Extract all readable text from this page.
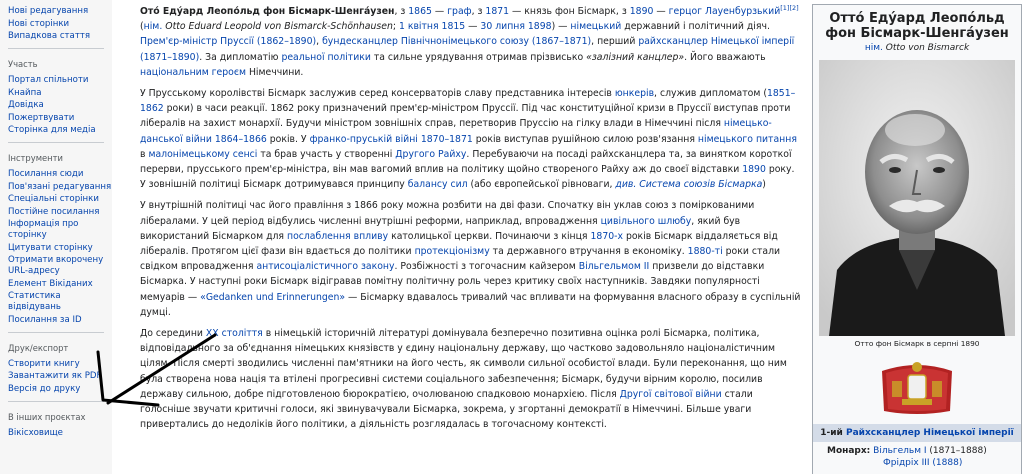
Нові редагування
Нові сторінки
Випадкова стаття
Участь
Портал спільноти
Кнайпа
Довідка
Пожертвувати
Сторінка для медіа
Інструменти
Посилання сюди
Пов'язані редагування
Спеціальні сторінки
Постійне посилання
Інформація про сторінку
Цитувати сторінку
Отримати вкорочену URL-адресу
Елемент Вікіданих
Статистика відвідувань
Посилання за ID
Друк/експорт
Створити книгу
Завантажити як PDF
Версія до друку
В інших проєктах
Вікісховище

Ото́ Еду́ард Леопо́льд фон Бісмарк-Шенга́узен, з 1865 — граф, з 1871 — князь фон Бісмарк, з 1890 — герцог Лауенбурзький[1][2] (нім. Otto Eduard Leopold von Bismarck-Schönhausen; 1 квітня 1815 — 30 липня 1898) — німецький державний і політичний діяч. Прем'єр-міністр Пруссії (1862–1890), бундесканцлер Північнонімецького союзу (1867–1871), перший райхсканцлер Німецької імперії (1871–1890). За дипломатію реальної політики та сильне урядування отримав прізвисько «залізний канцлер». Його вважають національним героєм Німеччини.

У Прусському королівстві Бісмарк заслужив серед консерваторів славу представника інтересів юнкерів, служив дипломатом (1851–1862 роки) в часи реакції. 1862 року призначений прем'єр-міністром Пруссії. Під час конституційної кризи в Пруссії виступав проти лібералів на захист монархії. Будучи міністром зовнішніх справ, перетворив Пруссію на гілку влади в Німеччині після німецько-данської війни 1864–1866 років. У франко-пруській війні 1870–1871 років виступав рушійною силою розв'язання німецького питання в малонімецькому сенсі та брав участь у створенні Другого Райху. Перебуваючи на посаді райхсканцлера та, за винятком короткої перерви, прусського прем'єр-міністра, він мав вагомий вплив на політику щойно створеного Райху аж до своєї відставки 1890 року. У зовнішній політиці Бісмарк дотримувався принципу балансу сил (або європейської рівноваги, див. Система союзів Бісмарка)

У внутрішній політиці час його правління з 1866 року можна розбити на дві фази. Спочатку він уклав союз з поміркованими лібералами. У цей період відбулись численні внутрішні реформи, наприклад, впровадження цивільного шлюбу, який був використаний Бісмарком для послаблення впливу католицької церкви. Починаючи з кінця 1870-х років Бісмарк віддаляється від лібералів. Протягом цієї фази він вдається до політики протекціонізму та державного втручання в економіку. 1880-ті роки стали свідком впровадження антисоціалістичного закону. Розбіжності з тогочасним кайзером Вільгельмом II призвели до відставки Бісмарка. У наступні роки Бісмарк відігравав помітну політичну роль через критику своїх наступників. Завдяки популярності мемуарів — «Gedanken und Erinnerungen» — Бісмарку вдавалось тривалий час впливати на формування власного образу в суспільній думці.

До середини XX століття в німецькій історичній літературі домінувала безперечно позитивна оцінка ролі Бісмарка, політика, відповідального за об'єднання німецьких князівств у єдину національну державу, що частково задовольняло націоналістичним цілям. Після смерті зводились численні пам'ятники на його честь, як символи сильної особистої влади. Були переконання, що ним була створена нова нація та втілені прогресивні системи соціального забезпечення; Бісмарк, будучи вірним королю, посилив державу сильною, добре підготовленою бюрократією, очолюваною спадковою монархією. Після Другої світової війни стали голосніше звучати критичні голоси, які звинувачували Бісмарка, зокрема, у згортанні демократії в Німеччині. Більше уваги привертались до недоліків його політики, а діяльність розглядалась в тогочасному контексті.

Отто́ Еду́ард Леопо́льд фон Бісмарк-Шенга́узен
нім. Otto von Bismarck
Отто фон Бісмарк в серпні 1890
1-ий Райхсканцлер Німецької імперії
Монарх: Вільгельм I (1871–1888)
Фрідріх III (1888)
